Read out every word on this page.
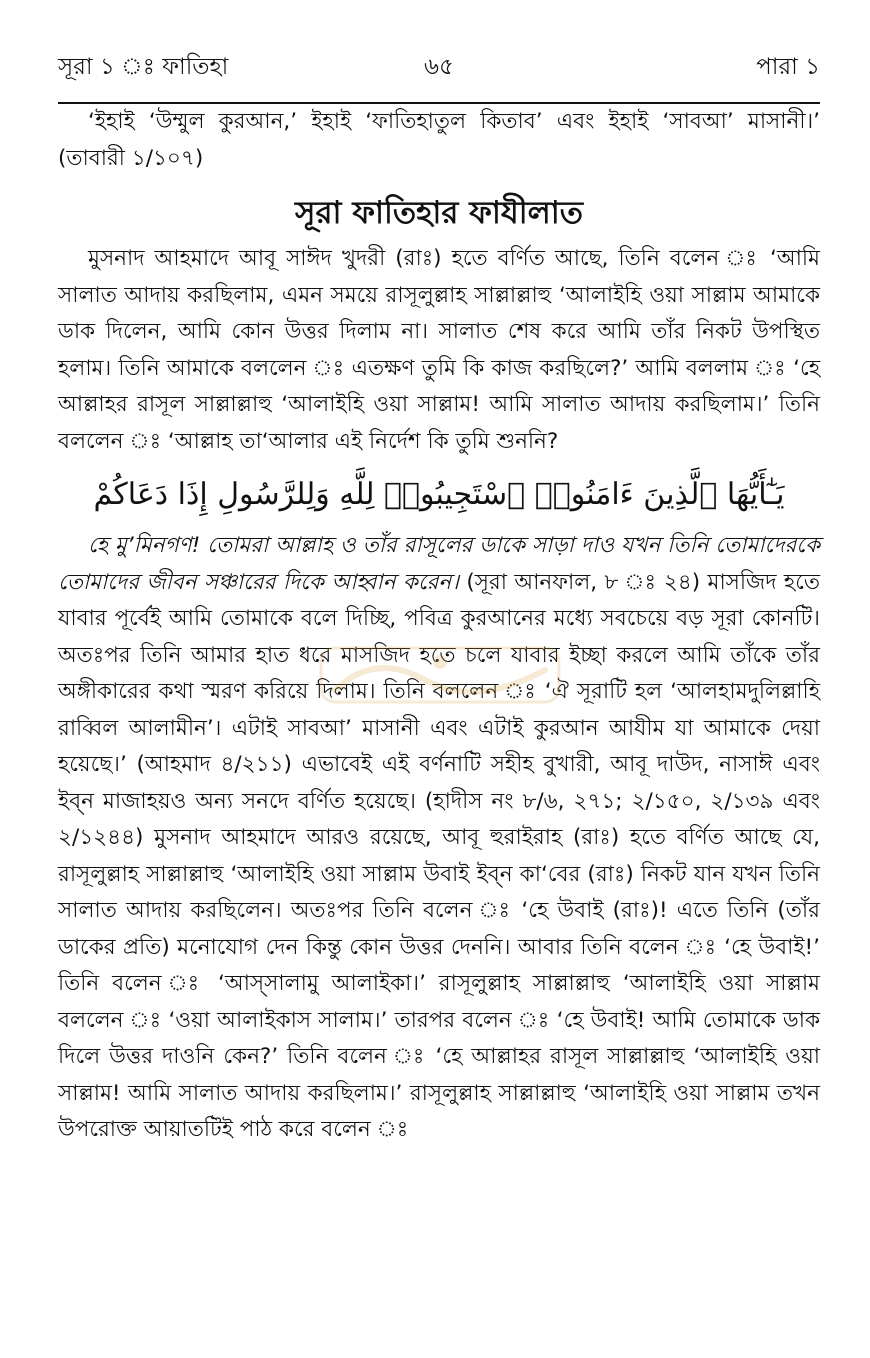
সূরা ১ ঃ ফাতিহা	৬৫	পারা ১

‘ইহাই ‘উম্মুল কুরআন,’ ইহাই ‘ফাতিহাতুল কিতাব’ এবং ইহাই ‘সাবআ’ মাসানী।’ (তাবারী ১/১০৭)

সূরা ফাতিহার ফাযীলাত

মুসনাদ আহমাদে আবূ সাঈদ খুদরী (রাঃ) হতে বর্ণিত আছে, তিনি বলেন ঃ ‘আমি সালাত আদায় করছিলাম, এমন সময়ে রাসূলুল্লাহ সাল্লাল্লাহু ‘আলাইহি ওয়া সাল্লাম আমাকে ডাক দিলেন, আমি কোন উত্তর দিলাম না। সালাত শেষ করে আমি তাঁর নিকট উপস্থিত হলাম। তিনি আমাকে বললেন ঃ এতক্ষণ তুমি কি কাজ করছিলে?’ আমি বললাম ঃ ‘হে আল্লাহর রাসূল সাল্লাল্লাহু ‘আলাইহি ওয়া সাল্লাম! আমি সালাত আদায় করছিলাম।’ তিনি বললেন ঃ ‘আল্লাহ তা‘আলার এই নির্দেশ কি তুমি শুননি?

يَـٰٓأَيُّهَا ٱلَّذِينَ ءَامَنُوا۟ ٱسْتَجِيبُوا۟ لِلَّهِ وَلِلرَّسُولِ إِذَا دَعَاكُمْ

হে মু’মিনগণ! তোমরা আল্লাহ ও তাঁর রাসূলের ডাকে সাড়া দাও যখন তিনি তোমাদেরকে তোমাদের জীবন সঞ্চারের দিকে আহ্বান করেন। (সূরা আনফাল, ৮ ঃ ২৪) মাসজিদ হতে যাবার পূর্বেই আমি তোমাকে বলে দিচ্ছি, পবিত্র কুরআনের মধ্যে সবচেয়ে বড় সূরা কোনটি। অতঃপর তিনি আমার হাত ধরে মাসজিদ হতে চলে যাবার ইচ্ছা করলে আমি তাঁকে তাঁর অঙ্গীকারের কথা স্মরণ করিয়ে দিলাম। তিনি বললেন ঃ ‘ঐ সূরাটি হল ‘আলহামদুলিল্লাহি রাব্বিল আলামীন’। এটাই সাবআ’ মাসানী এবং এটাই কুরআন আযীম যা আমাকে দেয়া হয়েছে।’ (আহমাদ ৪/২১১) এভাবেই এই বর্ণনাটি সহীহ বুখারী, আবূ দাউদ, নাসাঈ এবং ইব্ন মাজাহয়ও অন্য সনদে বর্ণিত হয়েছে। (হাদীস নং ৮/৬, ২৭১; ২/১৫০, ২/১৩৯ এবং ২/১২৪৪) মুসনাদ আহমাদে আরও রয়েছে, আবূ হুরাইরাহ (রাঃ) হতে বর্ণিত আছে যে, রাসূলুল্লাহ সাল্লাল্লাহু ‘আলাইহি ওয়া সাল্লাম উবাই ইব্ন কা‘বের (রাঃ) নিকট যান যখন তিনি সালাত আদায় করছিলেন। অতঃপর তিনি বলেন ঃ ‘হে উবাই (রাঃ)! এতে তিনি (তাঁর ডাকের প্রতি) মনোযোগ দেন কিন্তু কোন উত্তর দেননি। আবার তিনি বলেন ঃ ‘হে উবাই!’ তিনি বলেন ঃ ‘আস্সালামু আলাইকা।’ রাসূলুল্লাহ সাল্লাল্লাহু ‘আলাইহি ওয়া সাল্লাম বললেন ঃ ‘ওয়া আলাইকাস সালাম।’ তারপর বলেন ঃ ‘হে উবাই! আমি তোমাকে ডাক দিলে উত্তর দাওনি কেন?’ তিনি বলেন ঃ ‘হে আল্লাহর রাসূল সাল্লাল্লাহু ‘আলাইহি ওয়া সাল্লাম! আমি সালাত আদায় করছিলাম।’ রাসূলুল্লাহ সাল্লাল্লাহু ‘আলাইহি ওয়া সাল্লাম তখন উপরোক্ত আয়াতটিই পাঠ করে বলেন ঃ
